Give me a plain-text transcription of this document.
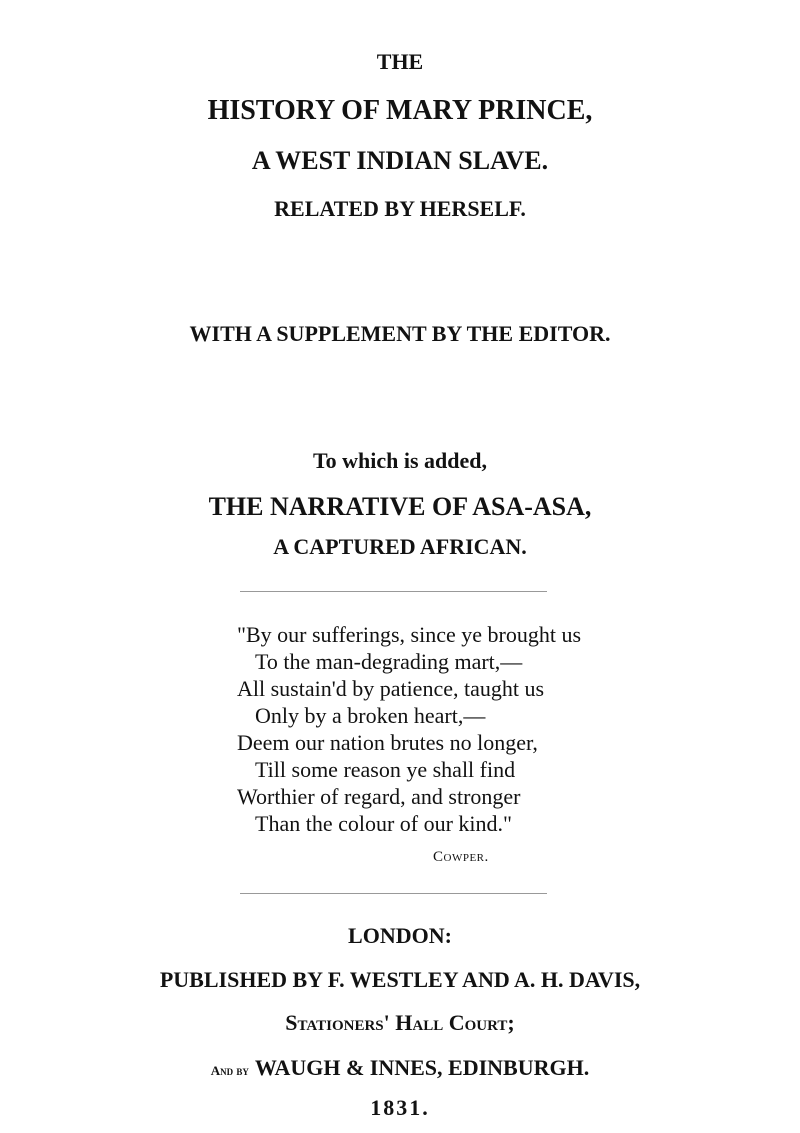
THE
HISTORY OF MARY PRINCE,
A WEST INDIAN SLAVE.
RELATED BY HERSELF.
WITH A SUPPLEMENT BY THE EDITOR.
To which is added,
THE NARRATIVE OF ASA-ASA,
A CAPTURED AFRICAN.
"By our sufferings, since ye brought us
To the man-degrading mart,—
All sustain'd by patience, taught us
Only by a broken heart,—
Deem our nation brutes no longer,
Till some reason ye shall find
Worthier of regard, and stronger
Than the colour of our kind."
Cowper.
LONDON:
PUBLISHED BY F. WESTLEY AND A. H. DAVIS,
Stationers' Hall Court;
And by WAUGH & INNES, EDINBURGH.
1831.
